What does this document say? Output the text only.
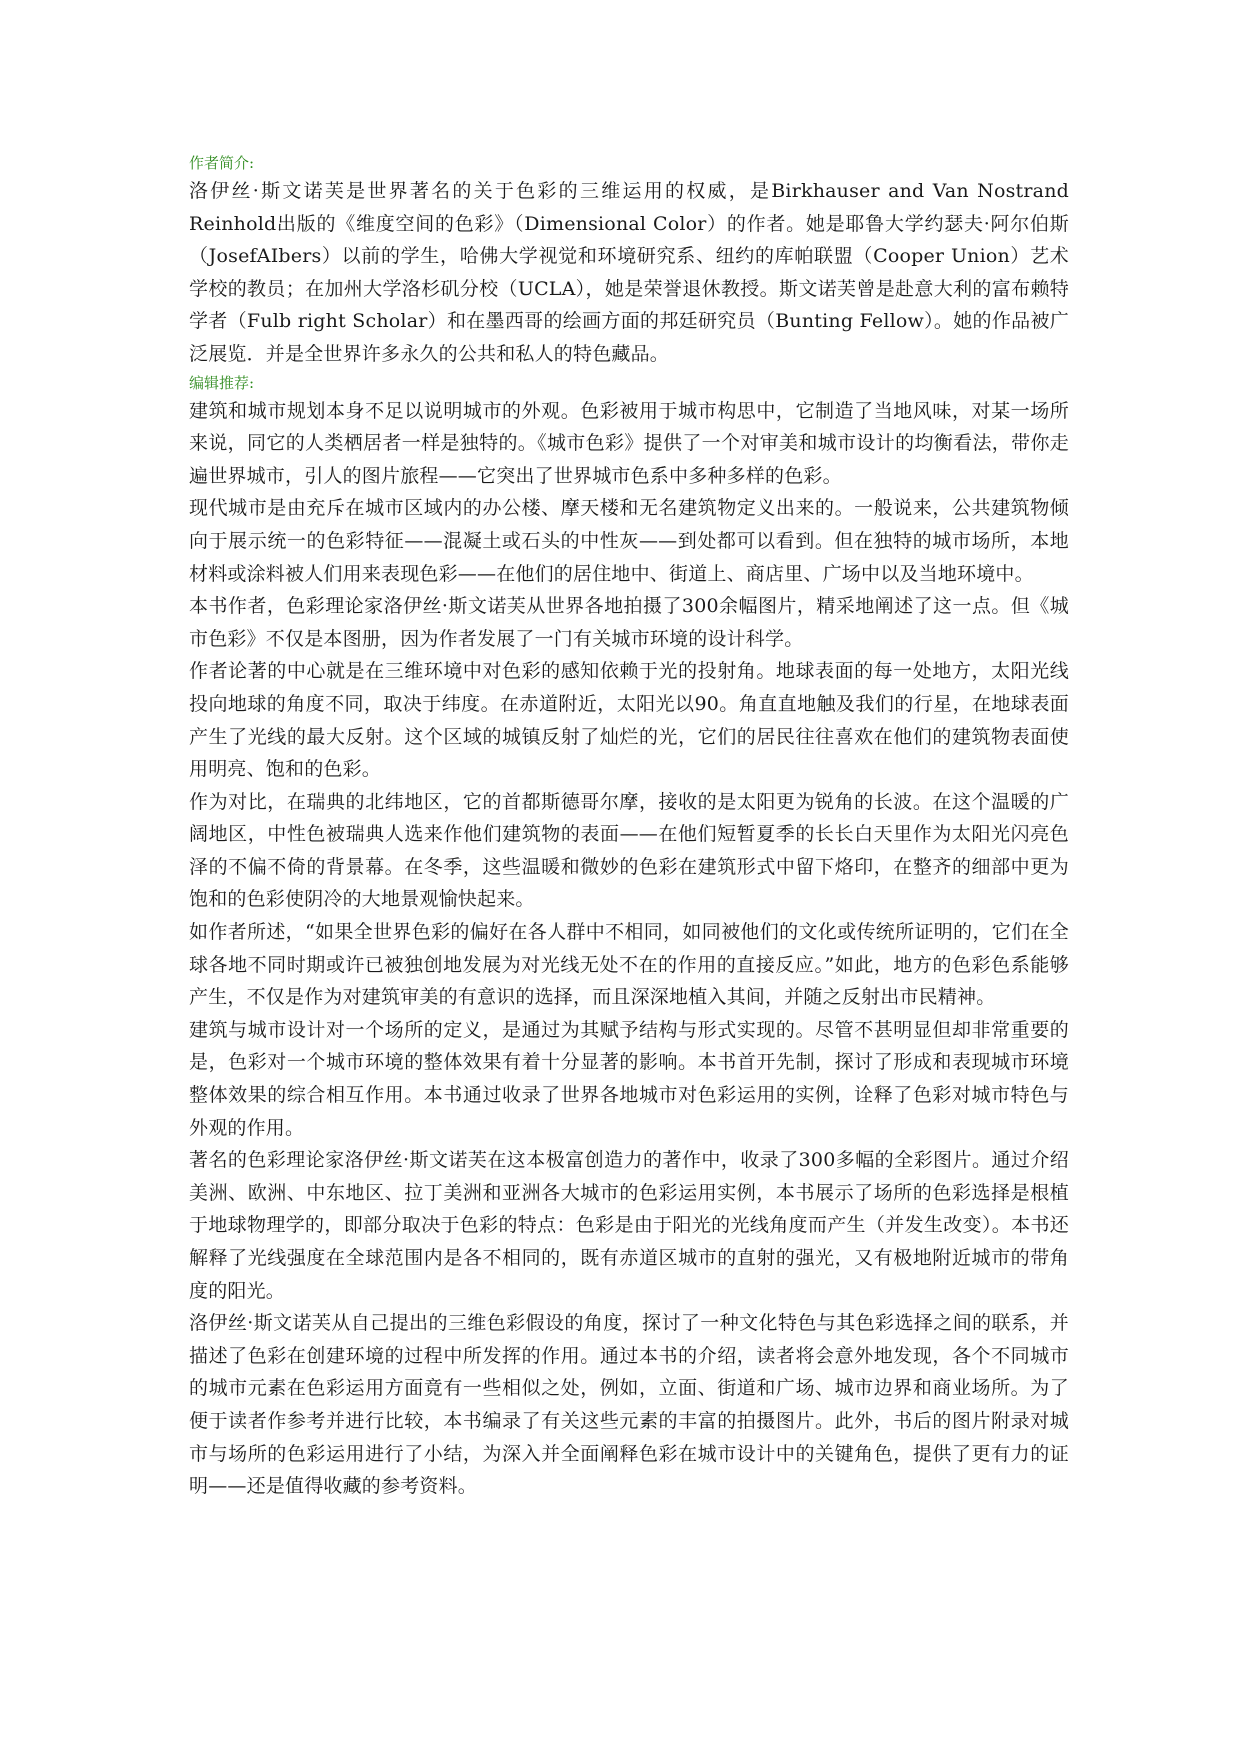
作者简介:

洛伊丝·斯文诺芙是世界著名的关于色彩的三维运用的权威，是Birkhauser and Van Nostrand Reinhold出版的《维度空间的色彩》（Dimensional Color）的作者。她是耶鲁大学约瑟夫·阿尔伯斯（JosefAIbers）以前的学生，哈佛大学视觉和环境研究系、纽约的库帕联盟（Cooper Union）艺术学校的教员；在加州大学洛杉矶分校（UCLA），她是荣誉退休教授。斯文诺芙曾是赴意大利的富布赖特学者（Fulb right Scholar）和在墨西哥的绘画方面的邦廷研究员（Bunting Fellow）。她的作品被广泛展览．并是全世界许多永久的公共和私人的特色藏品。

编辑推荐:

建筑和城市规划本身不足以说明城市的外观。色彩被用于城市构思中，它制造了当地风味，对某一场所来说，同它的人类栖居者一样是独特的。《城市色彩》提供了一个对审美和城市设计的均衡看法，带你走遍世界城市，引人的图片旅程——它突出了世界城市色系中多种多样的色彩。

现代城市是由充斥在城市区域内的办公楼、摩天楼和无名建筑物定义出来的。一般说来，公共建筑物倾向于展示统一的色彩特征——混凝土或石头的中性灰——到处都可以看到。但在独特的城市场所，本地材料或涂料被人们用来表现色彩——在他们的居住地中、街道上、商店里、广场中以及当地环境中。

本书作者，色彩理论家洛伊丝·斯文诺芙从世界各地拍摄了300余幅图片，精采地阐述了这一点。但《城市色彩》不仅是本图册，因为作者发展了一门有关城市环境的设计科学。

作者论著的中心就是在三维环境中对色彩的感知依赖于光的投射角。地球表面的每一处地方，太阳光线投向地球的角度不同，取决于纬度。在赤道附近，太阳光以90。角直直地触及我们的行星，在地球表面产生了光线的最大反射。这个区域的城镇反射了灿烂的光，它们的居民往往喜欢在他们的建筑物表面使用明亮、饱和的色彩。

作为对比，在瑞典的北纬地区，它的首都斯德哥尔摩，接收的是太阳更为锐角的长波。在这个温暖的广阔地区，中性色被瑞典人选来作他们建筑物的表面——在他们短暂夏季的长长白天里作为太阳光闪亮色泽的不偏不倚的背景幕。在冬季，这些温暖和微妙的色彩在建筑形式中留下烙印，在整齐的细部中更为饱和的色彩使阴冷的大地景观愉快起来。

如作者所述，“如果全世界色彩的偏好在各人群中不相同，如同被他们的文化或传统所证明的，它们在全球各地不同时期或许已被独创地发展为对光线无处不在的作用的直接反应。”如此，地方的色彩色系能够产生，不仅是作为对建筑审美的有意识的选择，而且深深地植入其间，并随之反射出市民精神。

建筑与城市设计对一个场所的定义，是通过为其赋予结构与形式实现的。尽管不甚明显但却非常重要的是，色彩对一个城市环境的整体效果有着十分显著的影响。本书首开先制，探讨了形成和表现城市环境整体效果的综合相互作用。本书通过收录了世界各地城市对色彩运用的实例，诠释了色彩对城市特色与外观的作用。

著名的色彩理论家洛伊丝·斯文诺芙在这本极富创造力的著作中，收录了300多幅的全彩图片。通过介绍美洲、欧洲、中东地区、拉丁美洲和亚洲各大城市的色彩运用实例，本书展示了场所的色彩选择是根植于地球物理学的，即部分取决于色彩的特点：色彩是由于阳光的光线角度而产生（并发生改变）。本书还解释了光线强度在全球范围内是各不相同的，既有赤道区城市的直射的强光，又有极地附近城市的带角度的阳光。

洛伊丝·斯文诺芙从自己提出的三维色彩假设的角度，探讨了一种文化特色与其色彩选择之间的联系，并描述了色彩在创建环境的过程中所发挥的作用。通过本书的介绍，读者将会意外地发现，各个不同城市的城市元素在色彩运用方面竟有一些相似之处，例如，立面、街道和广场、城市边界和商业场所。为了便于读者作参考并进行比较，本书编录了有关这些元素的丰富的拍摄图片。此外，书后的图片附录对城市与场所的色彩运用进行了小结，为深入并全面阐释色彩在城市设计中的关键角色，提供了更有力的证明——还是值得收藏的参考资料。
